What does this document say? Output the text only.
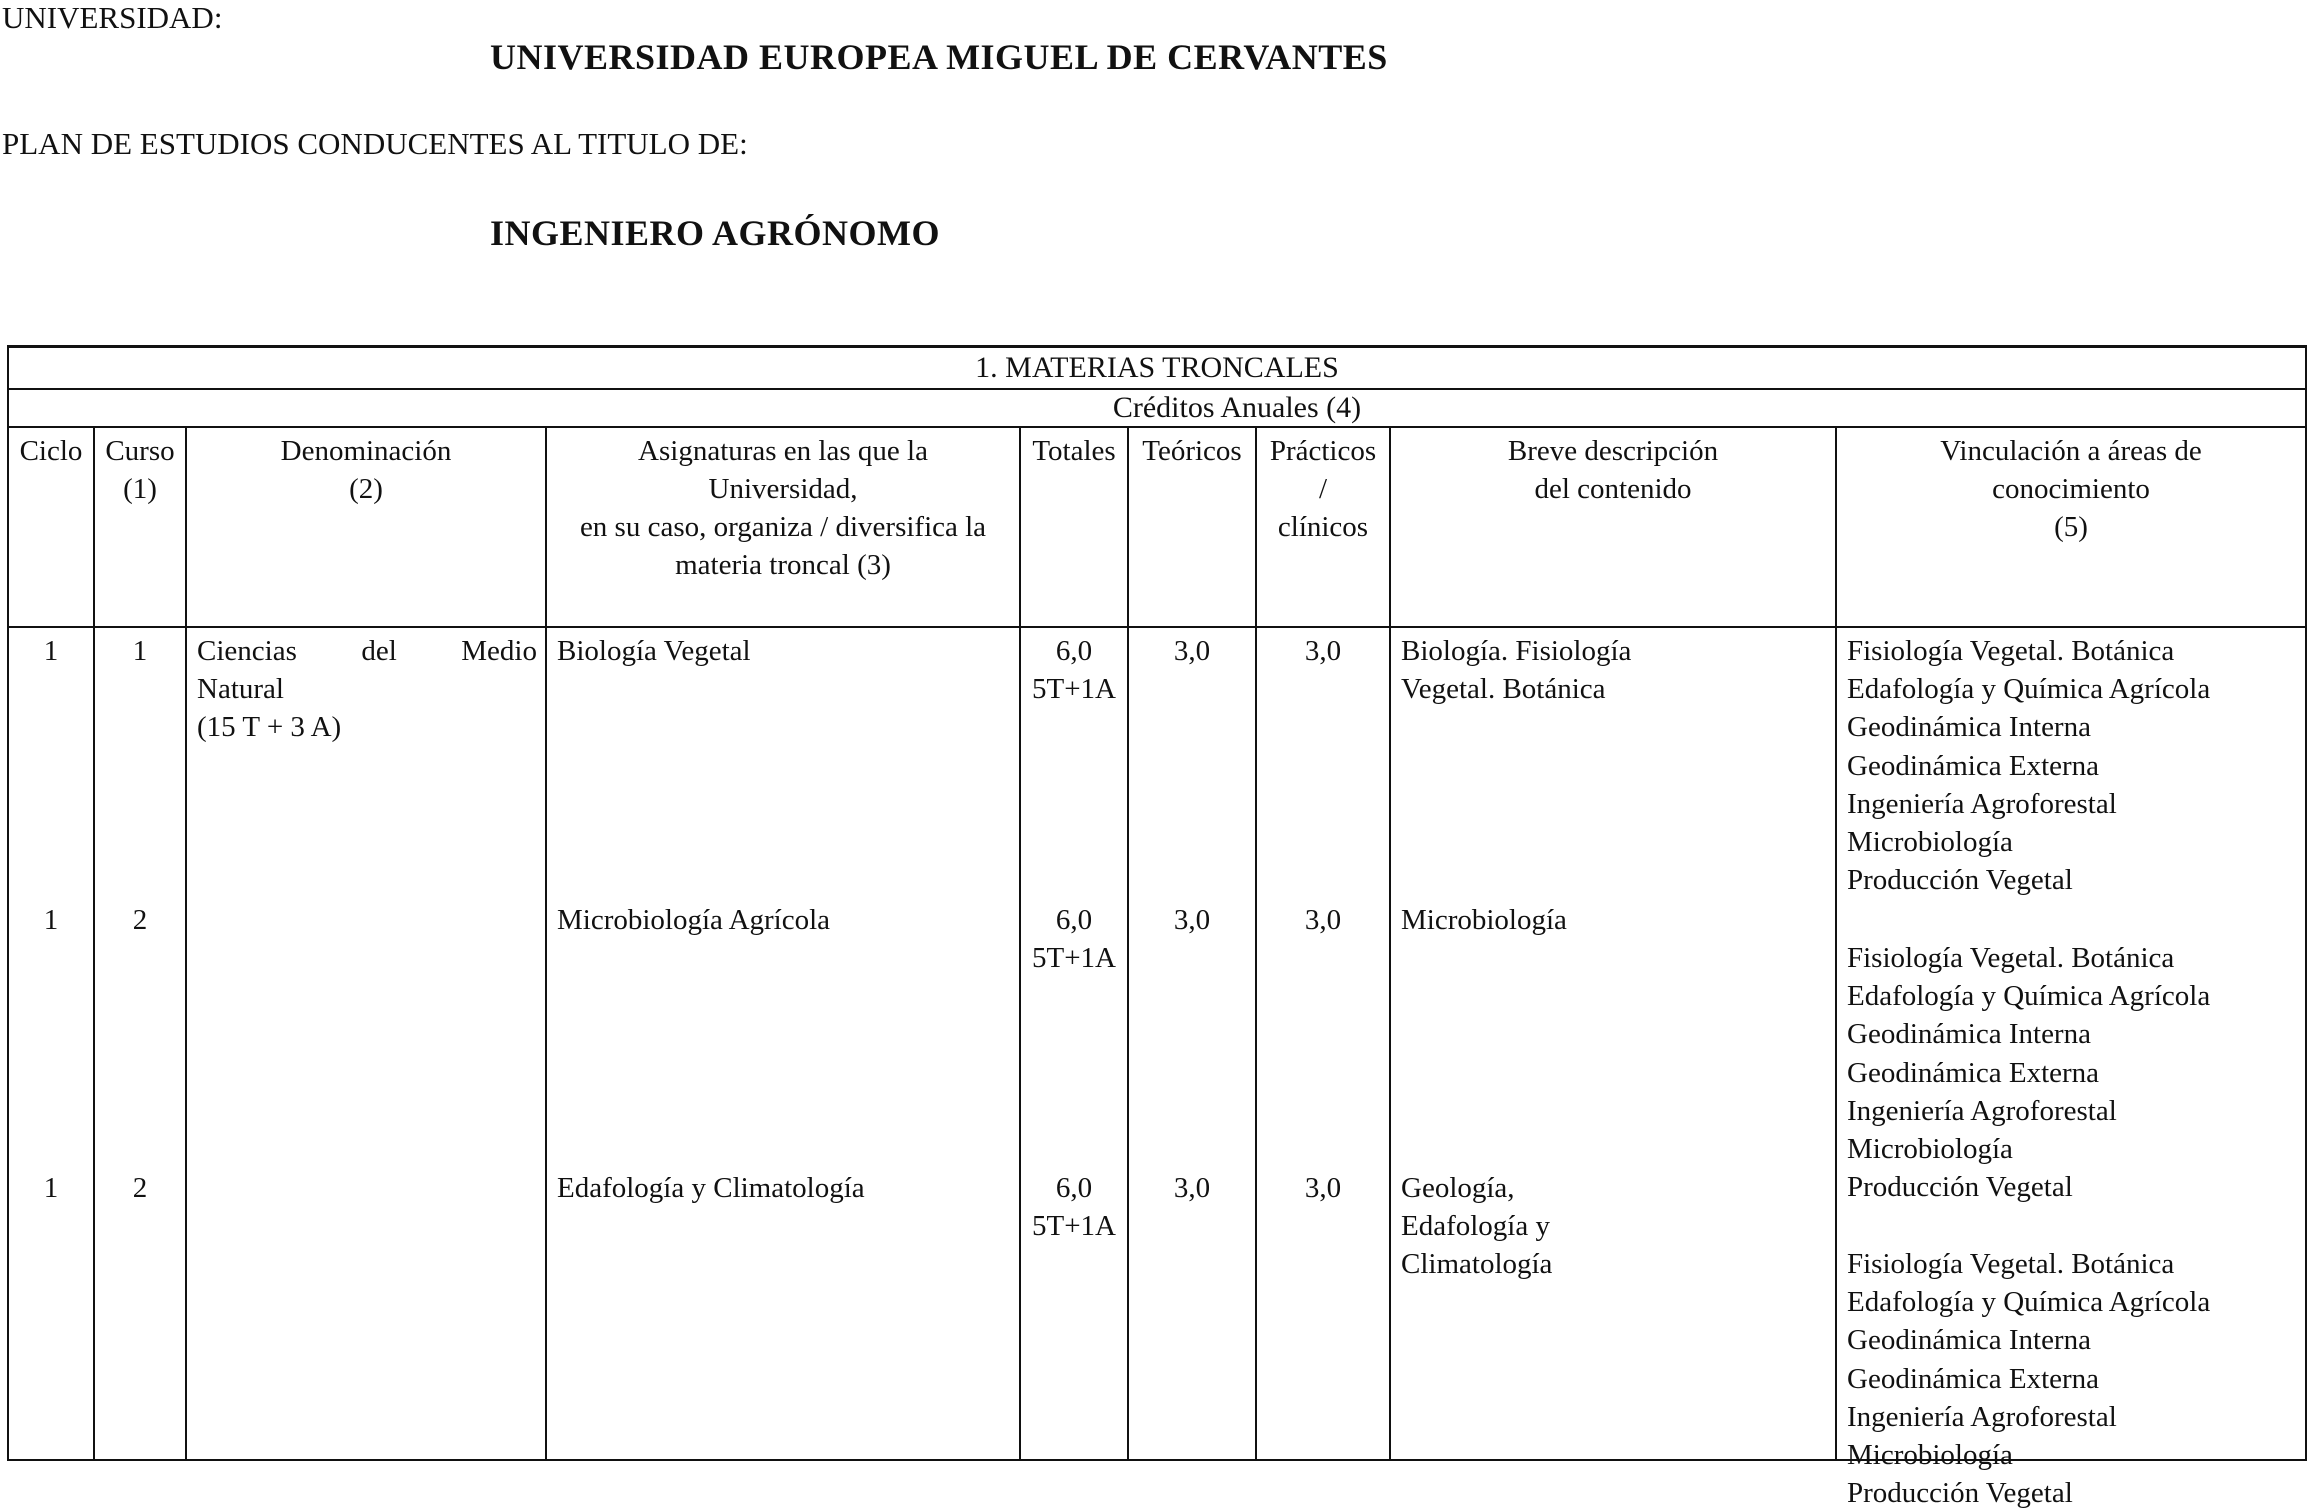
UNIVERSIDAD:
UNIVERSIDAD EUROPEA MIGUEL DE CERVANTES
PLAN DE ESTUDIOS CONDUCENTES AL TITULO DE:
INGENIERO AGRÓNOMO
1. MATERIAS TRONCALES
Créditos Anuales (4)
Ciclo
1
1
1
Curso
(1)
1
2
2
Denominación
(2)
Ciencias del Medio
Natural
(15 T + 3 A)
Asignaturas en las que la
Universidad,
en su caso, organiza / diversifica la
materia troncal (3)
Biología Vegetal
Microbiología Agrícola
Edafología y Climatología
Totales
6,0
5T+1A
6,0
5T+1A
6,0
5T+1A
Teóricos
3,0
3,0
3,0
Prácticos
/
clínicos
3,0
3,0
3,0
Breve descripción
del contenido
Biología. Fisiología
Vegetal. Botánica
Microbiología
Geología,
Edafología y
Climatología
Vinculación a áreas de
conocimiento
(5)
Fisiología Vegetal. Botánica
Edafología y Química Agrícola
Geodinámica Interna
Geodinámica Externa
Ingeniería Agroforestal
Microbiología
Producción Vegetal
Fisiología Vegetal. Botánica
Edafología y Química Agrícola
Geodinámica Interna
Geodinámica Externa
Ingeniería Agroforestal
Microbiología
Producción Vegetal
Fisiología Vegetal. Botánica
Edafología y Química Agrícola
Geodinámica Interna
Geodinámica Externa
Ingeniería Agroforestal
Microbiología
Producción Vegetal
